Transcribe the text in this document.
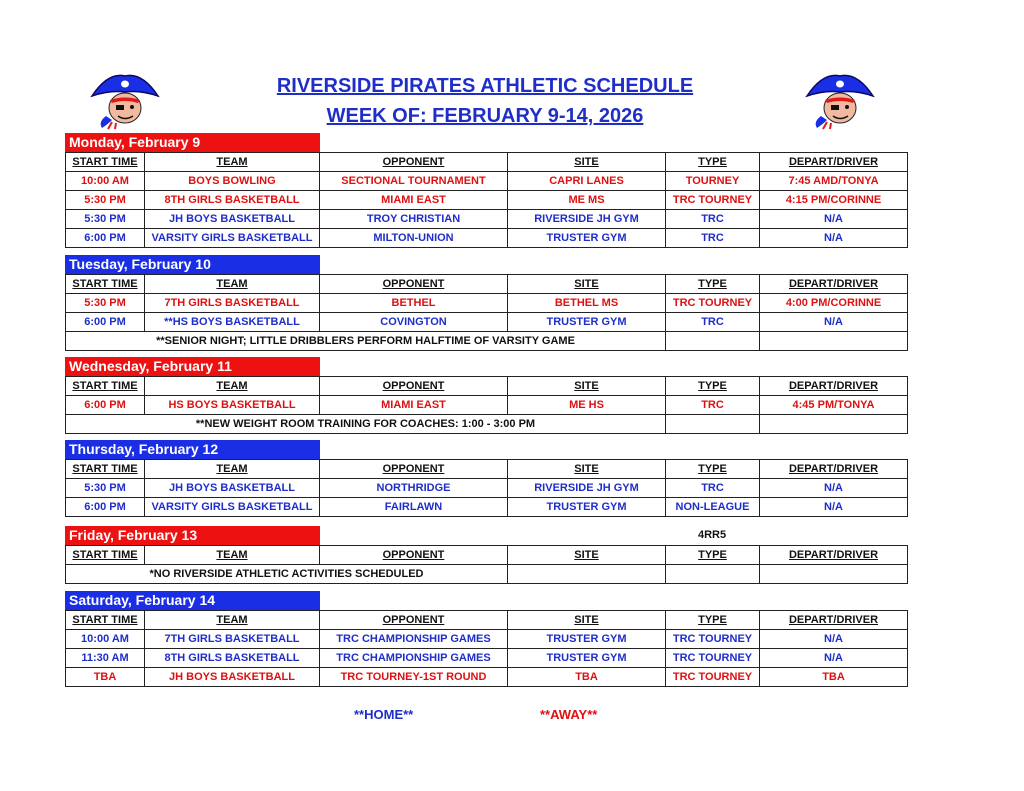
RIVERSIDE PIRATES ATHLETIC SCHEDULE
WEEK OF: FEBRUARY 9-14, 2026
Monday, February 9
START TIME	TEAM	OPPONENT	SITE	TYPE	DEPART/DRIVER
10:00 AM	BOYS BOWLING	SECTIONAL TOURNAMENT	CAPRI LANES	TOURNEY	7:45 AMD/TONYA
5:30 PM	8TH GIRLS BASKETBALL	MIAMI EAST	ME MS	TRC TOURNEY	4:15 PM/CORINNE
5:30 PM	JH BOYS BASKETBALL	TROY CHRISTIAN	RIVERSIDE JH GYM	TRC	N/A
6:00 PM	VARSITY GIRLS BASKETBALL	MILTON-UNION	TRUSTER GYM	TRC	N/A
Tuesday, February 10
START TIME	TEAM	OPPONENT	SITE	TYPE	DEPART/DRIVER
5:30 PM	7TH GIRLS BASKETBALL	BETHEL	BETHEL MS	TRC TOURNEY	4:00 PM/CORINNE
6:00 PM	**HS BOYS BASKETBALL	COVINGTON	TRUSTER GYM	TRC	N/A
**SENIOR NIGHT; LITTLE DRIBBLERS PERFORM HALFTIME OF VARSITY GAME					
Wednesday, February 11
START TIME	TEAM	OPPONENT	SITE	TYPE	DEPART/DRIVER
6:00 PM	HS BOYS BASKETBALL	MIAMI EAST	ME HS	TRC	4:45 PM/TONYA
**NEW WEIGHT ROOM TRAINING FOR COACHES: 1:00 - 3:00 PM					
Thursday, February 12
START TIME	TEAM	OPPONENT	SITE	TYPE	DEPART/DRIVER
5:30 PM	JH BOYS BASKETBALL	NORTHRIDGE	RIVERSIDE JH GYM	TRC	N/A
6:00 PM	VARSITY GIRLS BASKETBALL	FAIRLAWN	TRUSTER GYM	NON-LEAGUE	N/A
Friday, February 13	4RR5
START TIME	TEAM	OPPONENT	SITE	TYPE	DEPART/DRIVER
*NO RIVERSIDE ATHLETIC ACTIVITIES SCHEDULED					
Saturday, February 14
START TIME	TEAM	OPPONENT	SITE	TYPE	DEPART/DRIVER
10:00 AM	7TH GIRLS BASKETBALL	TRC CHAMPIONSHIP GAMES	TRUSTER GYM	TRC TOURNEY	N/A
11:30 AM	8TH GIRLS BASKETBALL	TRC CHAMPIONSHIP GAMES	TRUSTER GYM	TRC TOURNEY	N/A
TBA	JH BOYS BASKETBALL	TRC TOURNEY-1ST ROUND	TBA	TRC TOURNEY	TBA
**HOME**	**AWAY**
